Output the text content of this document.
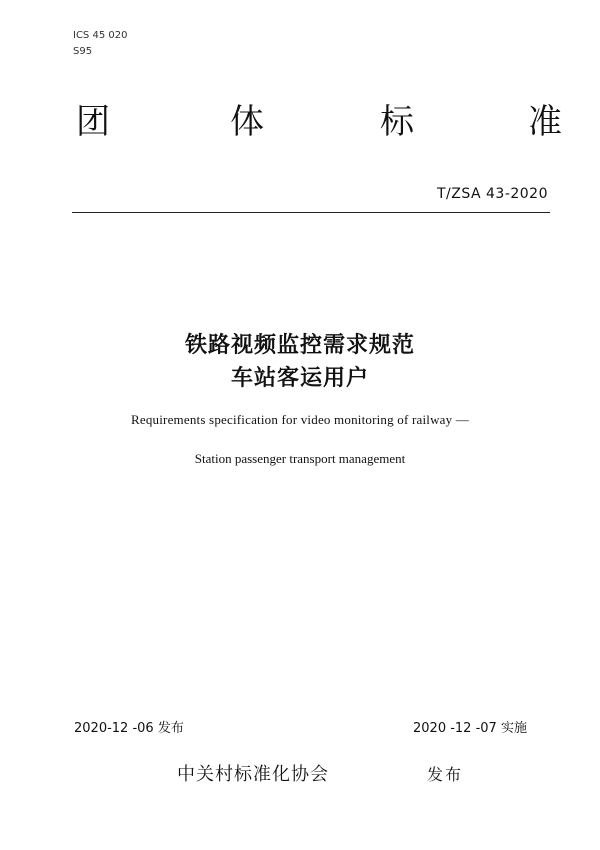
ICS 45 020
S95
团	体	标	准
T/ZSA 43-2020
铁路视频监控需求规范
车站客运用户
Requirements specification for video monitoring of railway —
Station passenger transport management
2020-12 -06 发布	2020 -12 -07 实施
中关村标准化协会	发布
